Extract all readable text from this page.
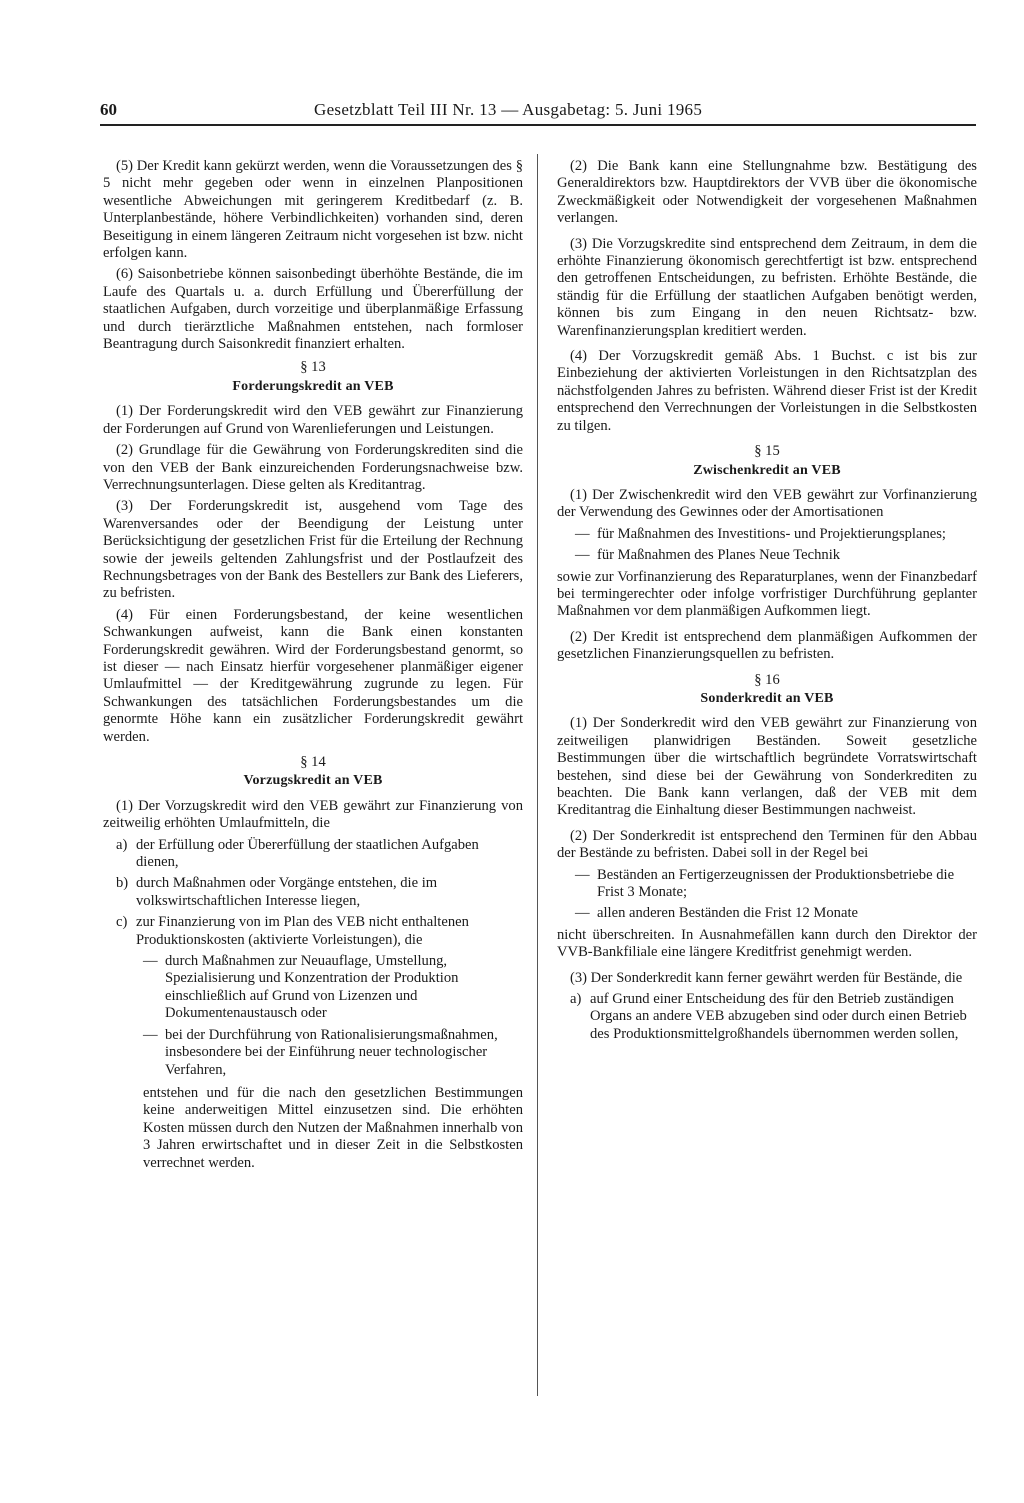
60	Gesetzblatt Teil III Nr. 13 — Ausgabetag: 5. Juni 1965

(5) Der Kredit kann gekürzt werden, wenn die Voraussetzungen des § 5 nicht mehr gegeben oder wenn in einzelnen Planpositionen wesentliche Abweichungen mit geringerem Kreditbedarf (z. B. Unterplanbestände, höhere Verbindlichkeiten) vorhanden sind, deren Beseitigung in einem längeren Zeitraum nicht vorgesehen ist bzw. nicht erfolgen kann.

(6) Saisonbetriebe können saisonbedingt überhöhte Bestände, die im Laufe des Quartals u. a. durch Erfüllung und Übererfüllung der staatlichen Aufgaben, durch vorzeitige und überplanmäßige Erfassung und durch tierärztliche Maßnahmen entstehen, nach formloser Beantragung durch Saisonkredit finanziert erhalten.

§ 13
Forderungskredit an VEB

(1) Der Forderungskredit wird den VEB gewährt zur Finanzierung der Forderungen auf Grund von Warenlieferungen und Leistungen.

(2) Grundlage für die Gewährung von Forderungskrediten sind die von den VEB der Bank einzureichenden Forderungsnachweise bzw. Verrechnungsunterlagen. Diese gelten als Kreditantrag.

(3) Der Forderungskredit ist, ausgehend vom Tage des Warenversandes oder der Beendigung der Leistung unter Berücksichtigung der gesetzlichen Frist für die Erteilung der Rechnung sowie der jeweils geltenden Zahlungsfrist und der Postlaufzeit des Rechnungsbetrages von der Bank des Bestellers zur Bank des Lieferers, zu befristen.

(4) Für einen Forderungsbestand, der keine wesentlichen Schwankungen aufweist, kann die Bank einen konstanten Forderungskredit gewähren. Wird der Forderungsbestand genormt, so ist dieser — nach Einsatz hierfür vorgesehener planmäßiger eigener Umlaufmittel — der Kreditgewährung zugrunde zu legen. Für Schwankungen des tatsächlichen Forderungsbestandes um die genormte Höhe kann ein zusätzlicher Forderungskredit gewährt werden.

§ 14
Vorzugskredit an VEB

(1) Der Vorzugskredit wird den VEB gewährt zur Finanzierung von zeitweilig erhöhten Umlaufmitteln, die

a) der Erfüllung oder Übererfüllung der staatlichen Aufgaben dienen,
b) durch Maßnahmen oder Vorgänge entstehen, die im volkswirtschaftlichen Interesse liegen,
c) zur Finanzierung von im Plan des VEB nicht enthaltenen Produktionskosten (aktivierte Vorleistungen), die
— durch Maßnahmen zur Neuauflage, Umstellung, Spezialisierung und Konzentration der Produktion einschließlich auf Grund von Lizenzen und Dokumentenaustausch oder
— bei der Durchführung von Rationalisierungsmaßnahmen, insbesondere bei der Einführung neuer technologischer Verfahren,

entstehen und für die nach den gesetzlichen Bestimmungen keine anderweitigen Mittel einzusetzen sind. Die erhöhten Kosten müssen durch den Nutzen der Maßnahmen innerhalb von 3 Jahren erwirtschaftet und in dieser Zeit in die Selbstkosten verrechnet werden.

(2) Die Bank kann eine Stellungnahme bzw. Bestätigung des Generaldirektors bzw. Hauptdirektors der VVB über die ökonomische Zweckmäßigkeit oder Notwendigkeit der vorgesehenen Maßnahmen verlangen.

(3) Die Vorzugskredite sind entsprechend dem Zeitraum, in dem die erhöhte Finanzierung ökonomisch gerechtfertigt ist bzw. entsprechend den getroffenen Entscheidungen, zu befristen. Erhöhte Bestände, die ständig für die Erfüllung der staatlichen Aufgaben benötigt werden, können bis zum Eingang in den neuen Richtsatz- bzw. Warenfinanzierungsplan kreditiert werden.

(4) Der Vorzugskredit gemäß Abs. 1 Buchst. c ist bis zur Einbeziehung der aktivierten Vorleistungen in den Richtsatzplan des nächstfolgenden Jahres zu befristen. Während dieser Frist ist der Kredit entsprechend den Verrechnungen der Vorleistungen in die Selbstkosten zu tilgen.

§ 15
Zwischenkredit an VEB

(1) Der Zwischenkredit wird den VEB gewährt zur Vorfinanzierung der Verwendung des Gewinnes oder der Amortisationen

— für Maßnahmen des Investitions- und Projektierungsplanes;
— für Maßnahmen des Planes Neue Technik

sowie zur Vorfinanzierung des Reparaturplanes, wenn der Finanzbedarf bei termingerechter oder infolge vorfristiger Durchführung geplanter Maßnahmen vor dem planmäßigen Aufkommen liegt.

(2) Der Kredit ist entsprechend dem planmäßigen Aufkommen der gesetzlichen Finanzierungsquellen zu befristen.

§ 16
Sonderkredit an VEB

(1) Der Sonderkredit wird den VEB gewährt zur Finanzierung von zeitweiligen planwidrigen Beständen. Soweit gesetzliche Bestimmungen über die wirtschaftlich begründete Vorratswirtschaft bestehen, sind diese bei der Gewährung von Sonderkrediten zu beachten. Die Bank kann verlangen, daß der VEB mit dem Kreditantrag die Einhaltung dieser Bestimmungen nachweist.

(2) Der Sonderkredit ist entsprechend den Terminen für den Abbau der Bestände zu befristen. Dabei soll in der Regel bei

— Beständen an Fertigerzeugnissen der Produktionsbetriebe die Frist 3 Monate;
— allen anderen Beständen die Frist 12 Monate

nicht überschreiten. In Ausnahmefällen kann durch den Direktor der VVB-Bankfiliale eine längere Kreditfrist genehmigt werden.

(3) Der Sonderkredit kann ferner gewährt werden für Bestände, die

a) auf Grund einer Entscheidung des für den Betrieb zuständigen Organs an andere VEB abzugeben sind oder durch einen Betrieb des Produktionsmittelgroßhandels übernommen werden sollen,
